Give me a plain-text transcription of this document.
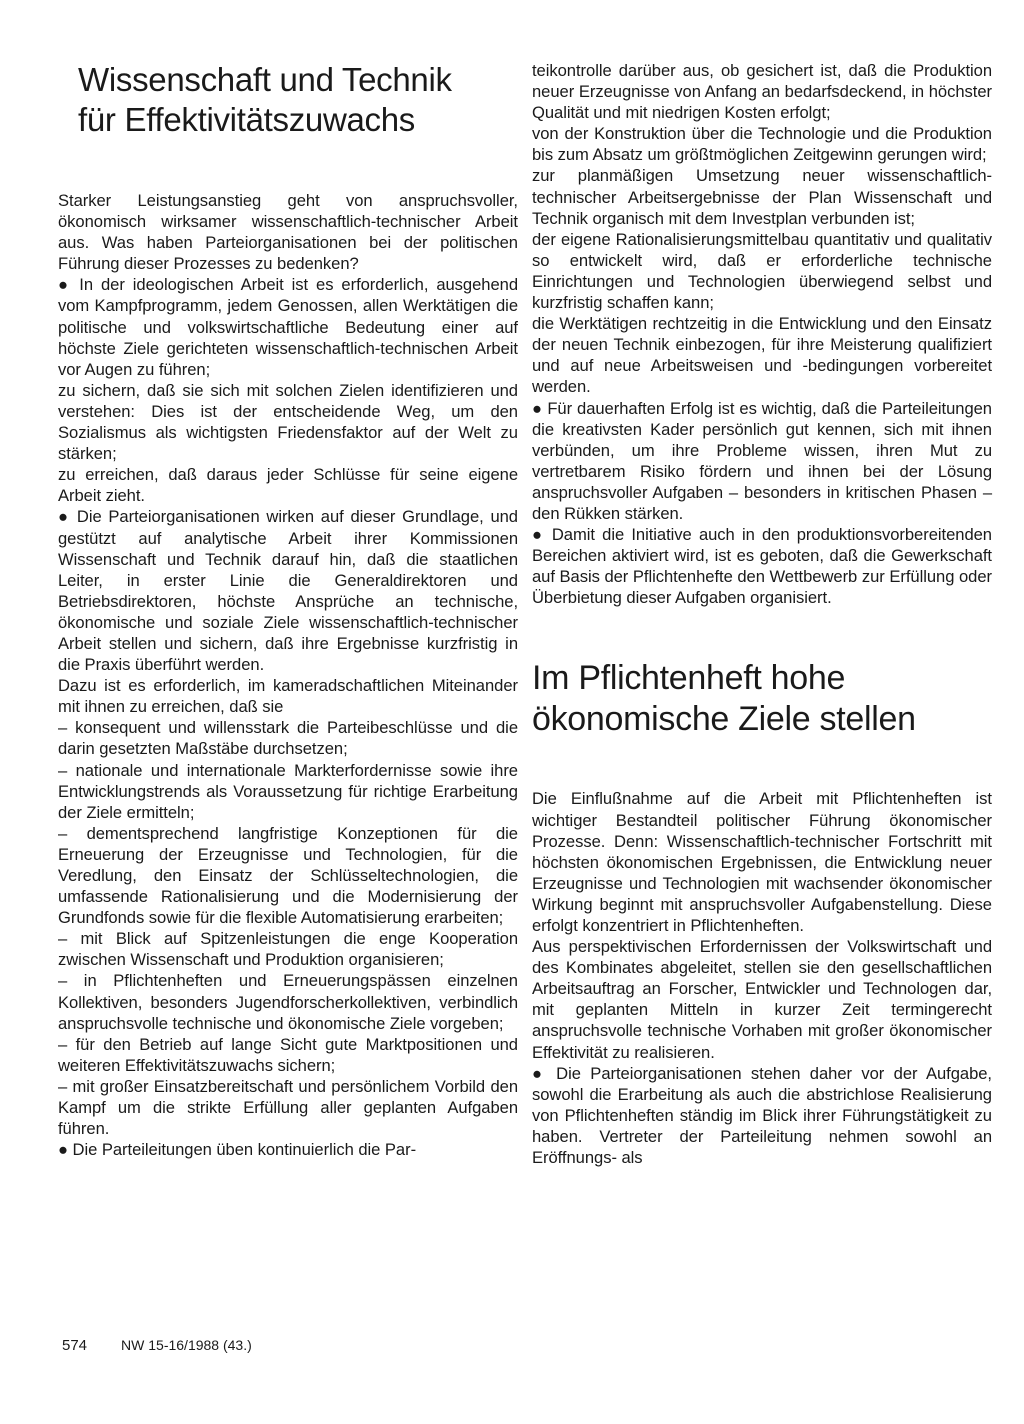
Wissenschaft und Technik
für Effektivitätszuwachs

Starker Leistungsanstieg geht von anspruchsvoller, ökonomisch wirksamer wissenschaftlich-technischer Arbeit aus. Was haben Parteiorganisationen bei der politischen Führung dieser Prozesses zu bedenken?

● In der ideologischen Arbeit ist es erforderlich, ausgehend vom Kampfprogramm, jedem Genossen, allen Werktätigen die politische und volkswirtschaftliche Bedeutung einer auf höchste Ziele gerichteten wissenschaftlich-technischen Arbeit vor Augen zu führen;

zu sichern, daß sie sich mit solchen Zielen identifizieren und verstehen: Dies ist der entscheidende Weg, um den Sozialismus als wichtigsten Friedensfaktor auf der Welt zu stärken;

zu erreichen, daß daraus jeder Schlüsse für seine eigene Arbeit zieht.

● Die Parteiorganisationen wirken auf dieser Grundlage, und gestützt auf analytische Arbeit ihrer Kommissionen Wissenschaft und Technik darauf hin, daß die staatlichen Leiter, in erster Linie die Generaldirektoren und Betriebsdirektoren, höchste Ansprüche an technische, ökonomische und soziale Ziele wissenschaftlich-technischer Arbeit stellen und sichern, daß ihre Ergebnisse kurzfristig in die Praxis überführt werden.

Dazu ist es erforderlich, im kameradschaftlichen Miteinander mit ihnen zu erreichen, daß sie

– konsequent und willensstark die Parteibeschlüsse und die darin gesetzten Maßstäbe durchsetzen;

– nationale und internationale Markterfordernisse sowie ihre Entwicklungstrends als Voraussetzung für richtige Erarbeitung der Ziele ermitteln;

– dementsprechend langfristige Konzeptionen für die Erneuerung der Erzeugnisse und Technologien, für die Veredlung, den Einsatz der Schlüsseltechnologien, die umfassende Rationalisierung und die Modernisierung der Grundfonds sowie für die flexible Automatisierung erarbeiten;

– mit Blick auf Spitzenleistungen die enge Kooperation zwischen Wissenschaft und Produktion organisieren;

– in Pflichtenheften und Erneuerungspässen einzelnen Kollektiven, besonders Jugendforscherkollektiven, verbindlich anspruchsvolle technische und ökonomische Ziele vorgeben;

– für den Betrieb auf lange Sicht gute Marktpositionen und weiteren Effektivitätszuwachs sichern;

– mit großer Einsatzbereitschaft und persönlichem Vorbild den Kampf um die strikte Erfüllung aller geplanten Aufgaben führen.

● Die Parteileitungen üben kontinuierlich die Par-

teikontrolle darüber aus, ob gesichert ist, daß die Produktion neuer Erzeugnisse von Anfang an bedarfsdeckend, in höchster Qualität und mit niedrigen Kosten erfolgt;

von der Konstruktion über die Technologie und die Produktion bis zum Absatz um größtmöglichen Zeitgewinn gerungen wird;

zur planmäßigen Umsetzung neuer wissenschaftlich-technischer Arbeitsergebnisse der Plan Wissenschaft und Technik organisch mit dem Investplan verbunden ist;

der eigene Rationalisierungsmittelbau quantitativ und qualitativ so entwickelt wird, daß er erforderliche technische Einrichtungen und Technologien überwiegend selbst und kurzfristig schaffen kann;

die Werktätigen rechtzeitig in die Entwicklung und den Einsatz der neuen Technik einbezogen, für ihre Meisterung qualifiziert und auf neue Arbeitsweisen und -bedingungen vorbereitet werden.

● Für dauerhaften Erfolg ist es wichtig, daß die Parteileitungen die kreativsten Kader persönlich gut kennen, sich mit ihnen verbünden, um ihre Probleme wissen, ihren Mut zu vertretbarem Risiko fördern und ihnen bei der Lösung anspruchsvoller Aufgaben – besonders in kritischen Phasen – den Rükken stärken.

● Damit die Initiative auch in den produktionsvorbereitenden Bereichen aktiviert wird, ist es geboten, daß die Gewerkschaft auf Basis der Pflichtenhefte den Wettbewerb zur Erfüllung oder Überbietung dieser Aufgaben organisiert.

Im Pflichtenheft hohe
ökonomische Ziele stellen

Die Einflußnahme auf die Arbeit mit Pflichtenheften ist wichtiger Bestandteil politischer Führung ökonomischer Prozesse. Denn: Wissenschaftlich-technischer Fortschritt mit höchsten ökonomischen Ergebnissen, die Entwicklung neuer Erzeugnisse und Technologien mit wachsender ökonomischer Wirkung beginnt mit anspruchsvoller Aufgabenstellung. Diese erfolgt konzentriert in Pflichtenheften.

Aus perspektivischen Erfordernissen der Volkswirtschaft und des Kombinates abgeleitet, stellen sie den gesellschaftlichen Arbeitsauftrag an Forscher, Entwickler und Technologen dar, mit geplanten Mitteln in kurzer Zeit termingerecht anspruchsvolle technische Vorhaben mit großer ökonomischer Effektivität zu realisieren.

● Die Parteiorganisationen stehen daher vor der Aufgabe, sowohl die Erarbeitung als auch die abstrichlose Realisierung von Pflichtenheften ständig im Blick ihrer Führungstätigkeit zu haben. Vertreter der Parteileitung nehmen sowohl an Eröffnungs- als

574 NW 15-16/1988 (43.)
